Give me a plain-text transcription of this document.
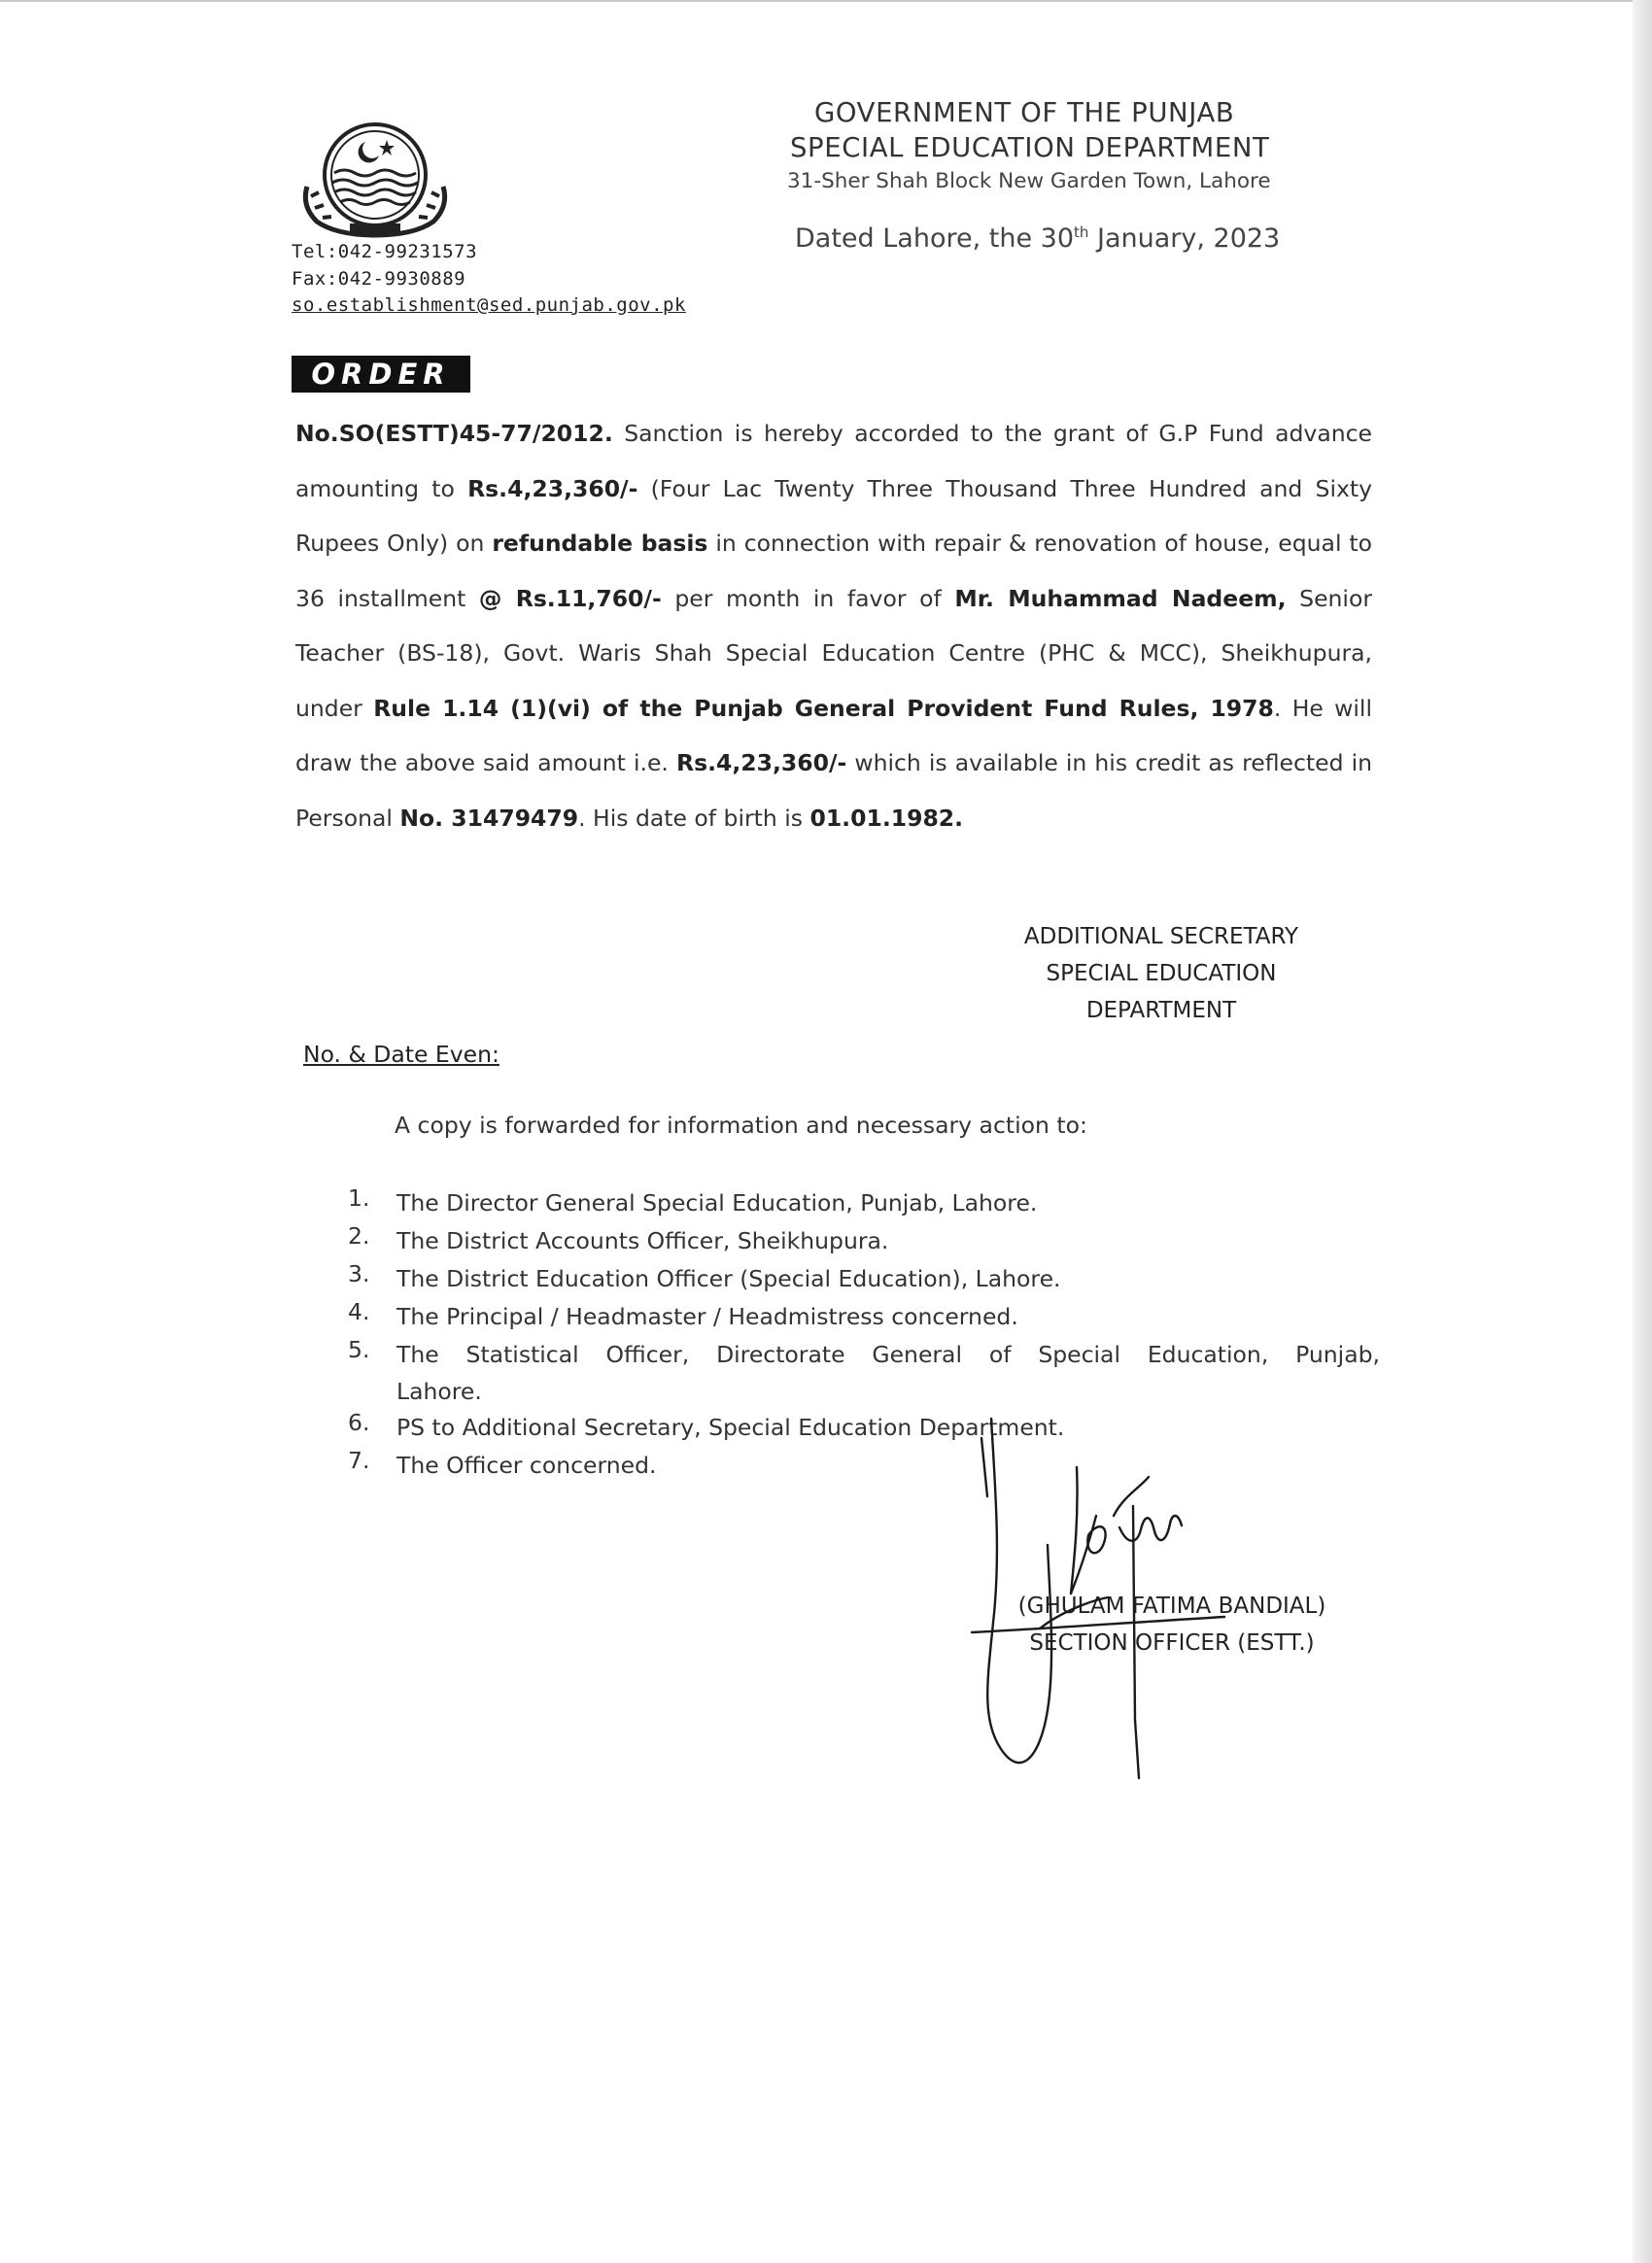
GOVERNMENT OF THE PUNJAB
SPECIAL EDUCATION DEPARTMENT
31-Sher Shah Block New Garden Town, Lahore
Dated Lahore, the 30th January, 2023
Tel:042-99231573
Fax:042-9930889
so.establishment@sed.punjab.gov.pk
ORDER
No.SO(ESTT)45-77/2012. Sanction is hereby accorded to the grant of G.P Fund advance amounting to Rs.4,23,360/- (Four Lac Twenty Three Thousand Three Hundred and Sixty Rupees Only) on refundable basis in connection with repair & renovation of house, equal to 36 installment @ Rs.11,760/- per month in favor of Mr. Muhammad Nadeem, Senior Teacher (BS-18), Govt. Waris Shah Special Education Centre (PHC & MCC), Sheikhupura, under Rule 1.14 (1)(vi) of the Punjab General Provident Fund Rules, 1978. He will draw the above said amount i.e. Rs.4,23,360/- which is available in his credit as reflected in Personal No. 31479479. His date of birth is 01.01.1982.
ADDITIONAL SECRETARY
SPECIAL EDUCATION
DEPARTMENT
No. & Date Even:
A copy is forwarded for information and necessary action to:
1.	The Director General Special Education, Punjab, Lahore.
2.	The District Accounts Officer, Sheikhupura.
3.	The District Education Officer (Special Education), Lahore.
4.	The Principal / Headmaster / Headmistress concerned.
5.	The Statistical Officer, Directorate General of Special Education, Punjab,
Lahore.
6.	PS to Additional Secretary, Special Education Department.
7.	The Officer concerned.
(GHULAM FATIMA BANDIAL)
SECTION OFFICER (ESTT.)
